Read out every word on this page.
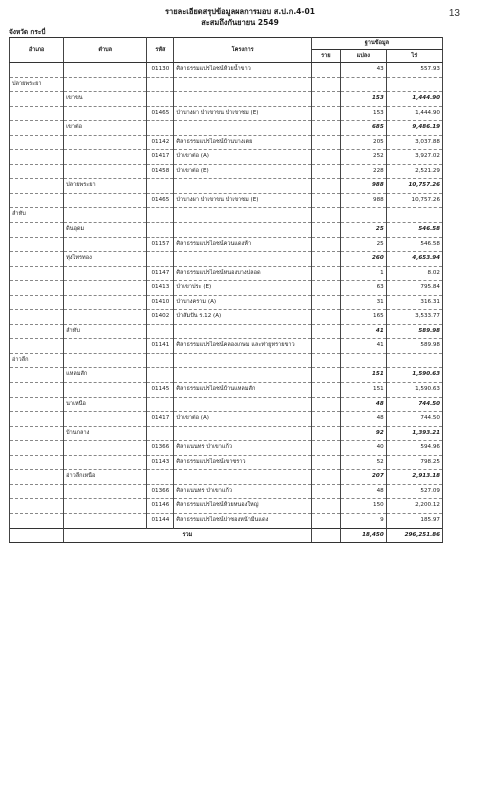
13
รายละเอียดสรุปข้อมูลผลการมอบ ส.ป.ก.4-01
สะสมถึงกันยายน 2549
จังหวัด กระบี่
อำเภอ	ตำบล	รหัส	โครงการ	ฐานข้อมูล		
				ราย	แปลง	ไร่
		01130	ศิลาธรรมแปรไอชน์ห้วยน้ำขาว		43	557.93
ปลายพระยา						
	เขาขน				153	1,444.90
		01465	ป่าบางผา ป่าเขาขน ป่าเขาซม (E)		153	1,444.90
	เขาต่อ				685	9,486.19
		01142	ศิลาธรรมแปรไอชน์บ้านบางเตย		205	3,037.88
		01417	ป่าเขาต่อ (A)		252	3,927.02
		01458	ป่าเขาต่อ (E)		228	2,521.29
	ปลายพระยา				988	10,757.26
		01465	ป่าบางผา ป่าเขาขน ป่าเขาซม (E)		988	10,757.26
ลำทับ						
	ดินอุดม				25	546.58
		01157	ศิลาธรรมแปรไอชน์ควนแดงห้า		25	546.58
	ทุ่งไทรทอง				260	4,653.94
		01147	ศิลาธรรมแปรไอชน์หนองบางปลอด		1	8.02
		01413	ป่าเขาประ (E)		63	795.84
		01410	ป่าบางคราม (A)		31	316.31
		01402	ป่าสัมปัน ร.12 (A)		165	3,533.77
	ลำทับ				41	589.98
		01141	ศิลาธรรมแปรไอชน์คลองเกษม และท่ายูทรายขาว		41	589.98
อ่าวลึก						
	แหลมสัก				151	1,590.63
		01145	ศิลาธรรมแปรไอชน์บ้านแหลมสัก		151	1,590.63
	นาเหนือ				48	744.50
		01417	ป่าเขาต่อ (A)		48	744.50
	บ้านกลาง				92	1,393.21
		01366	ศิลาแนนทร ป่าเขาแก้ว		40	594.96
		01143	ศิลาธรรมแปรไอชน์เขาซราว		52	798.25
	อ่าวลึกเหนือ				207	2,913.18
		01366	ศิลาแนนทร ป่าเขาแก้ว		48	527.09
		01146	ศิลาธรรมแปรไอชน์ห้วยหนองใหญ่		150	2,200.12
		01144	ศิลาธรรมแปรไอชน์ปาซองหน้ามีนแดง		9	185.97
	รวม				18,450	296,251.86
